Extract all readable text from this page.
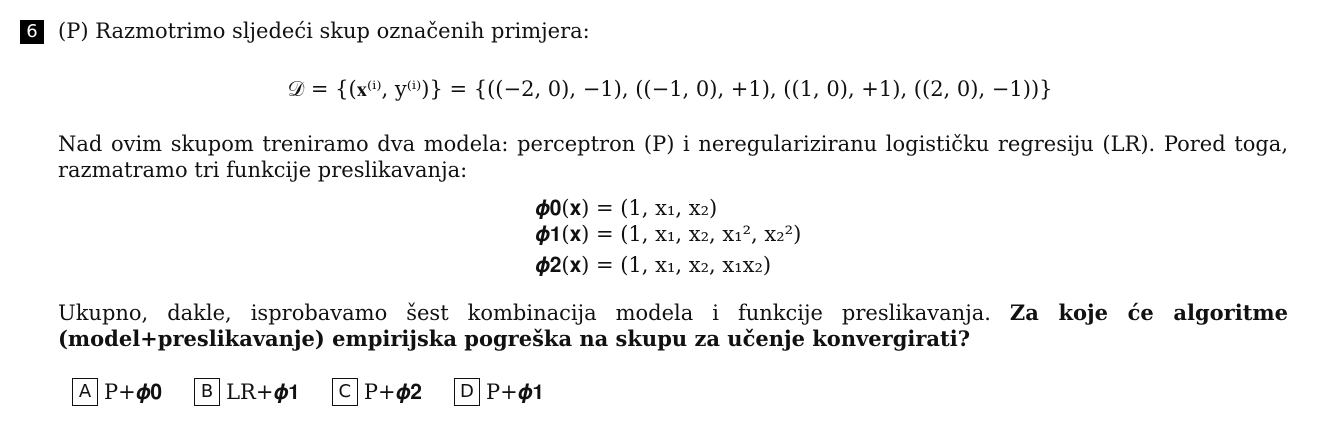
6 (P) Razmotrimo sljedeći skup označenih primjera:
𝒟 = {(𝐱⁽ⁱ⁾, y⁽ⁱ⁾)} = {((−2, 0), −1), ((−1, 0), +1), ((1, 0), +1), ((2, 0), −1))}
Nad ovim skupom treniramo dva modela: perceptron (P) i neregulariziranu logističku regresiju (LR). Pored toga, razmatramo tri funkcije preslikavanja:
𝝓𝟎(𝐱) = (1, x₁, x₂)
𝝓𝟏(𝐱) = (1, x₁, x₂, x₁², x₂²)
𝝓𝟐(𝐱) = (1, x₁, x₂, x₁x₂)
Ukupno, dakle, isprobavamo šest kombinacija modela i funkcije preslikavanja. Za koje će algoritme (model+preslikavanje) empirijska pogreška na skupu za učenje konvergirati?
A P+𝝓𝟎	B LR+𝝓𝟏	C P+𝝓𝟐	D P+𝝓𝟏
